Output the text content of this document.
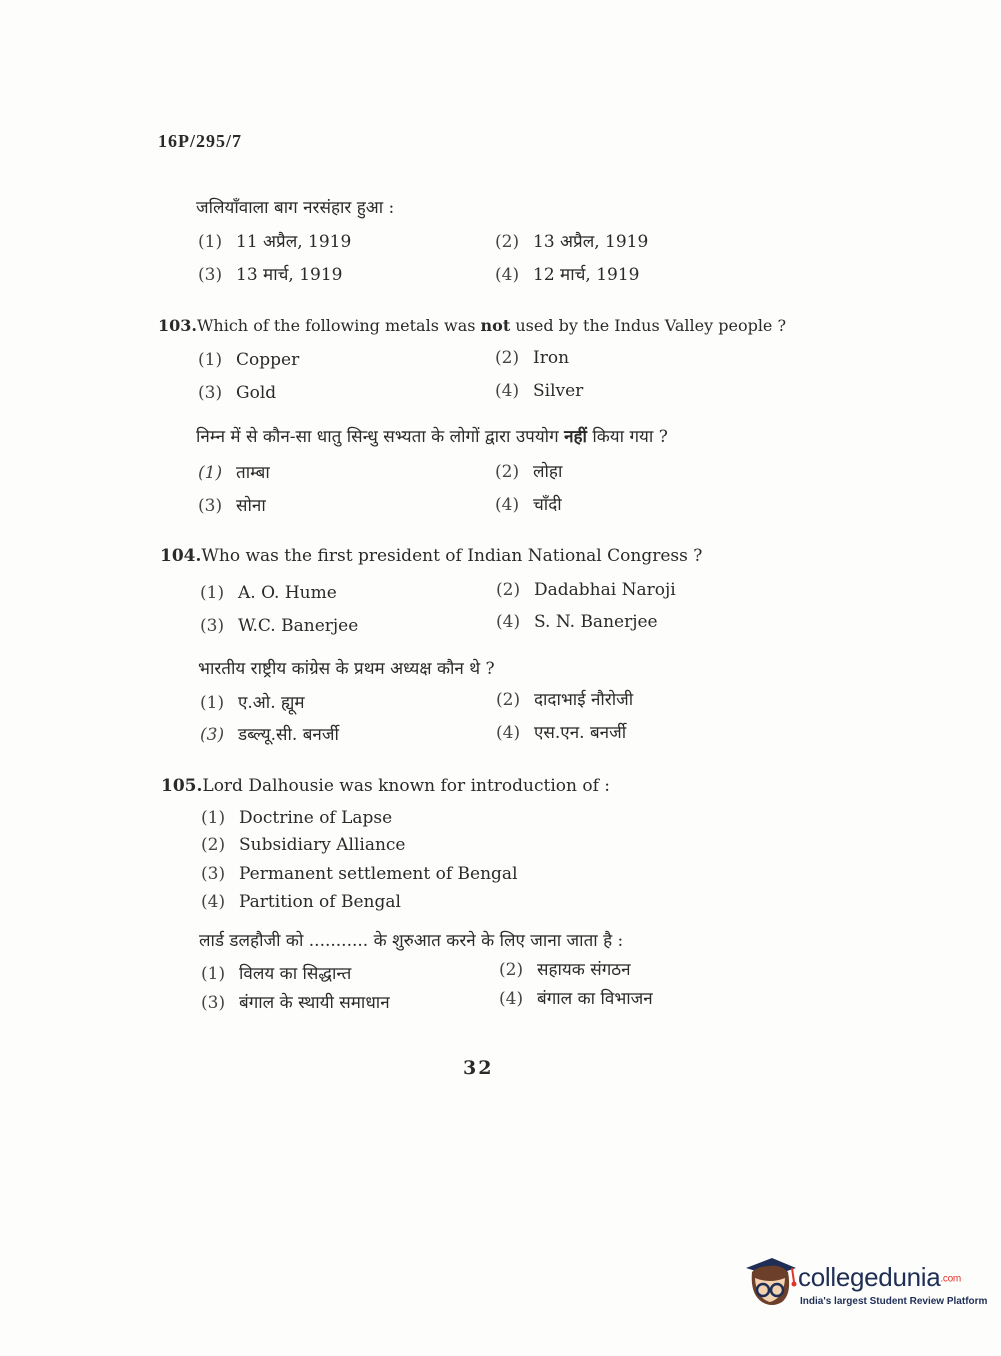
16P/295/7
जलियाँवाला बाग नरसंहार हुआ :
(1) 11 अप्रैल, 1919	(2) 13 अप्रैल, 1919
(3) 13 मार्च, 1919	(4) 12 मार्च, 1919
103.Which of the following metals was not used by the Indus Valley people ?
(1) Copper	(2) Iron
(3) Gold	(4) Silver
निम्न में से कौन-सा धातु सिन्धु सभ्यता के लोगों द्वारा उपयोग नहीं किया गया ?
(1) ताम्बा	(2) लोहा
(3) सोना	(4) चाँदी
104.Who was the first president of Indian National Congress ?
(1) A. O. Hume	(2) Dadabhai Naroji
(3) W.C. Banerjee	(4) S. N. Banerjee
भारतीय राष्ट्रीय कांग्रेस के प्रथम अध्यक्ष कौन थे ?
(1) ए.ओ. ह्यूम	(2) दादाभाई नौरोजी
(3) डब्ल्यू.सी. बनर्जी	(4) एस.एन. बनर्जी
105.Lord Dalhousie was known for introduction of :
(1) Doctrine of Lapse
(2) Subsidiary Alliance
(3) Permanent settlement of Bengal
(4) Partition of Bengal
लार्ड डलहौजी को ........... के शुरुआत करने के लिए जाना जाता है :
(1) विलय का सिद्धान्त	(2) सहायक संगठन
(3) बंगाल के स्थायी समाधान	(4) बंगाल का विभाजन
32
collegedunia.com
India's largest Student Review Platform
